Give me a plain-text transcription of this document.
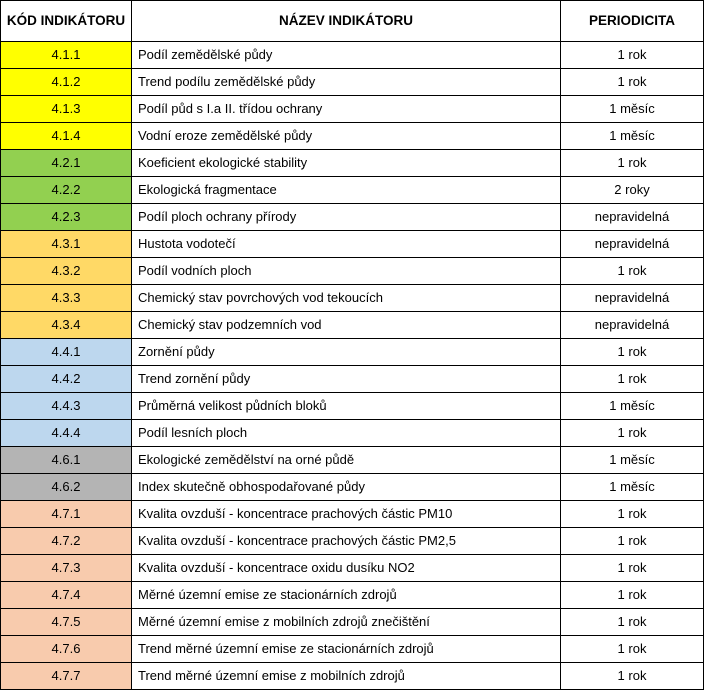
KÓD INDIKÁTORU	NÁZEV INDIKÁTORU	PERIODICITA
4.1.1	Podíl zemědělské půdy	1 rok
4.1.2	Trend podílu zemědělské půdy	1 rok
4.1.3	Podíl půd s I.a II. třídou ochrany	1 měsíc
4.1.4	Vodní eroze zemědělské půdy	1 měsíc
4.2.1	Koeficient ekologické stability	1 rok
4.2.2	Ekologická fragmentace	2 roky
4.2.3	Podíl ploch ochrany přírody	nepravidelná
4.3.1	Hustota vodotečí	nepravidelná
4.3.2	Podíl vodních ploch	1 rok
4.3.3	Chemický stav povrchových vod tekoucích	nepravidelná
4.3.4	Chemický stav podzemních vod	nepravidelná
4.4.1	Zornění půdy	1 rok
4.4.2	Trend zornění půdy	1 rok
4.4.3	Průměrná velikost půdních bloků	1 měsíc
4.4.4	Podíl lesních ploch	1 rok
4.6.1	Ekologické zemědělství na orné půdě	1 měsíc
4.6.2	Index skutečně obhospodařované půdy	1 měsíc
4.7.1	Kvalita ovzduší - koncentrace prachových částic PM10	1 rok
4.7.2	Kvalita ovzduší - koncentrace prachových částic PM2,5	1 rok
4.7.3	Kvalita ovzduší - koncentrace oxidu dusíku NO2	1 rok
4.7.4	Měrné územní emise ze stacionárních zdrojů	1 rok
4.7.5	Měrné územní emise z mobilních zdrojů znečištění	1 rok
4.7.6	Trend měrné územní emise ze stacionárních zdrojů	1 rok
4.7.7	Trend měrné územní emise z mobilních zdrojů	1 rok
